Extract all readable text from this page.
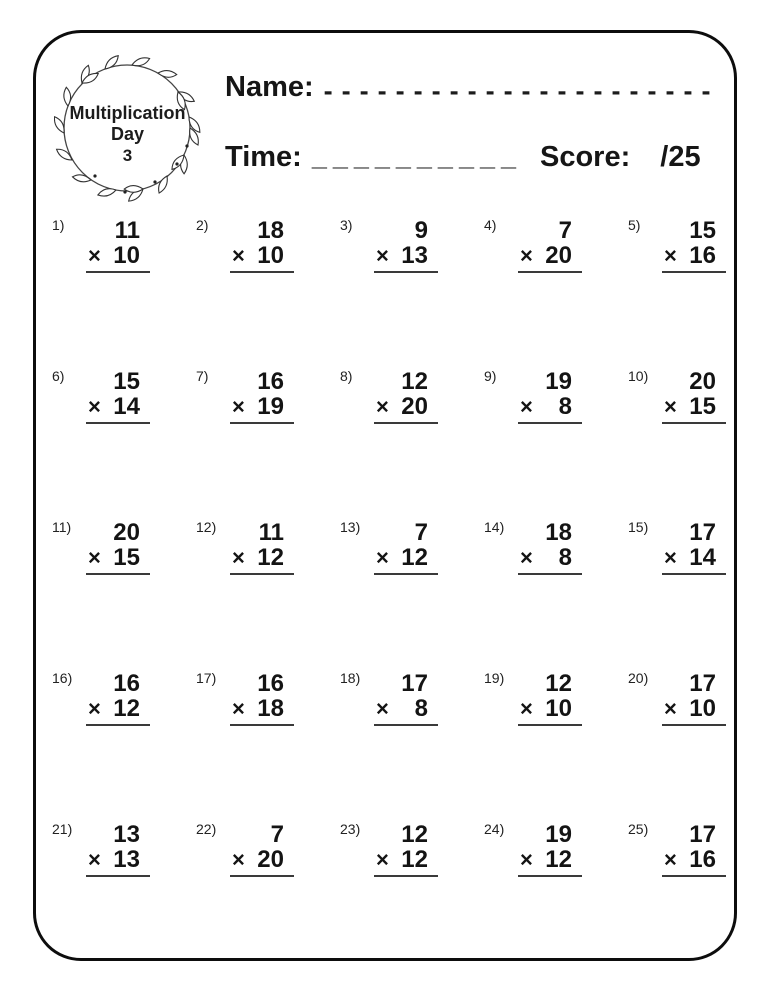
Multiplication
Day
3
Name: ----------------------
Time: __________ Score: /25
1)	11
× 10
2)	18
× 10
3)	9
× 13
4)	7
× 20
5)	15
× 16
6)	15
× 14
7)	16
× 19
8)	12
× 20
9)	19
× 8
10)	20
× 15
11)	20
× 15
12)	11
× 12
13)	7
× 12
14)	18
× 8
15)	17
× 14
16)	16
× 12
17)	16
× 18
18)	17
× 8
19)	12
× 10
20)	17
× 10
21)	13
× 13
22)	7
× 20
23)	12
× 12
24)	19
× 12
25)	17
× 16
